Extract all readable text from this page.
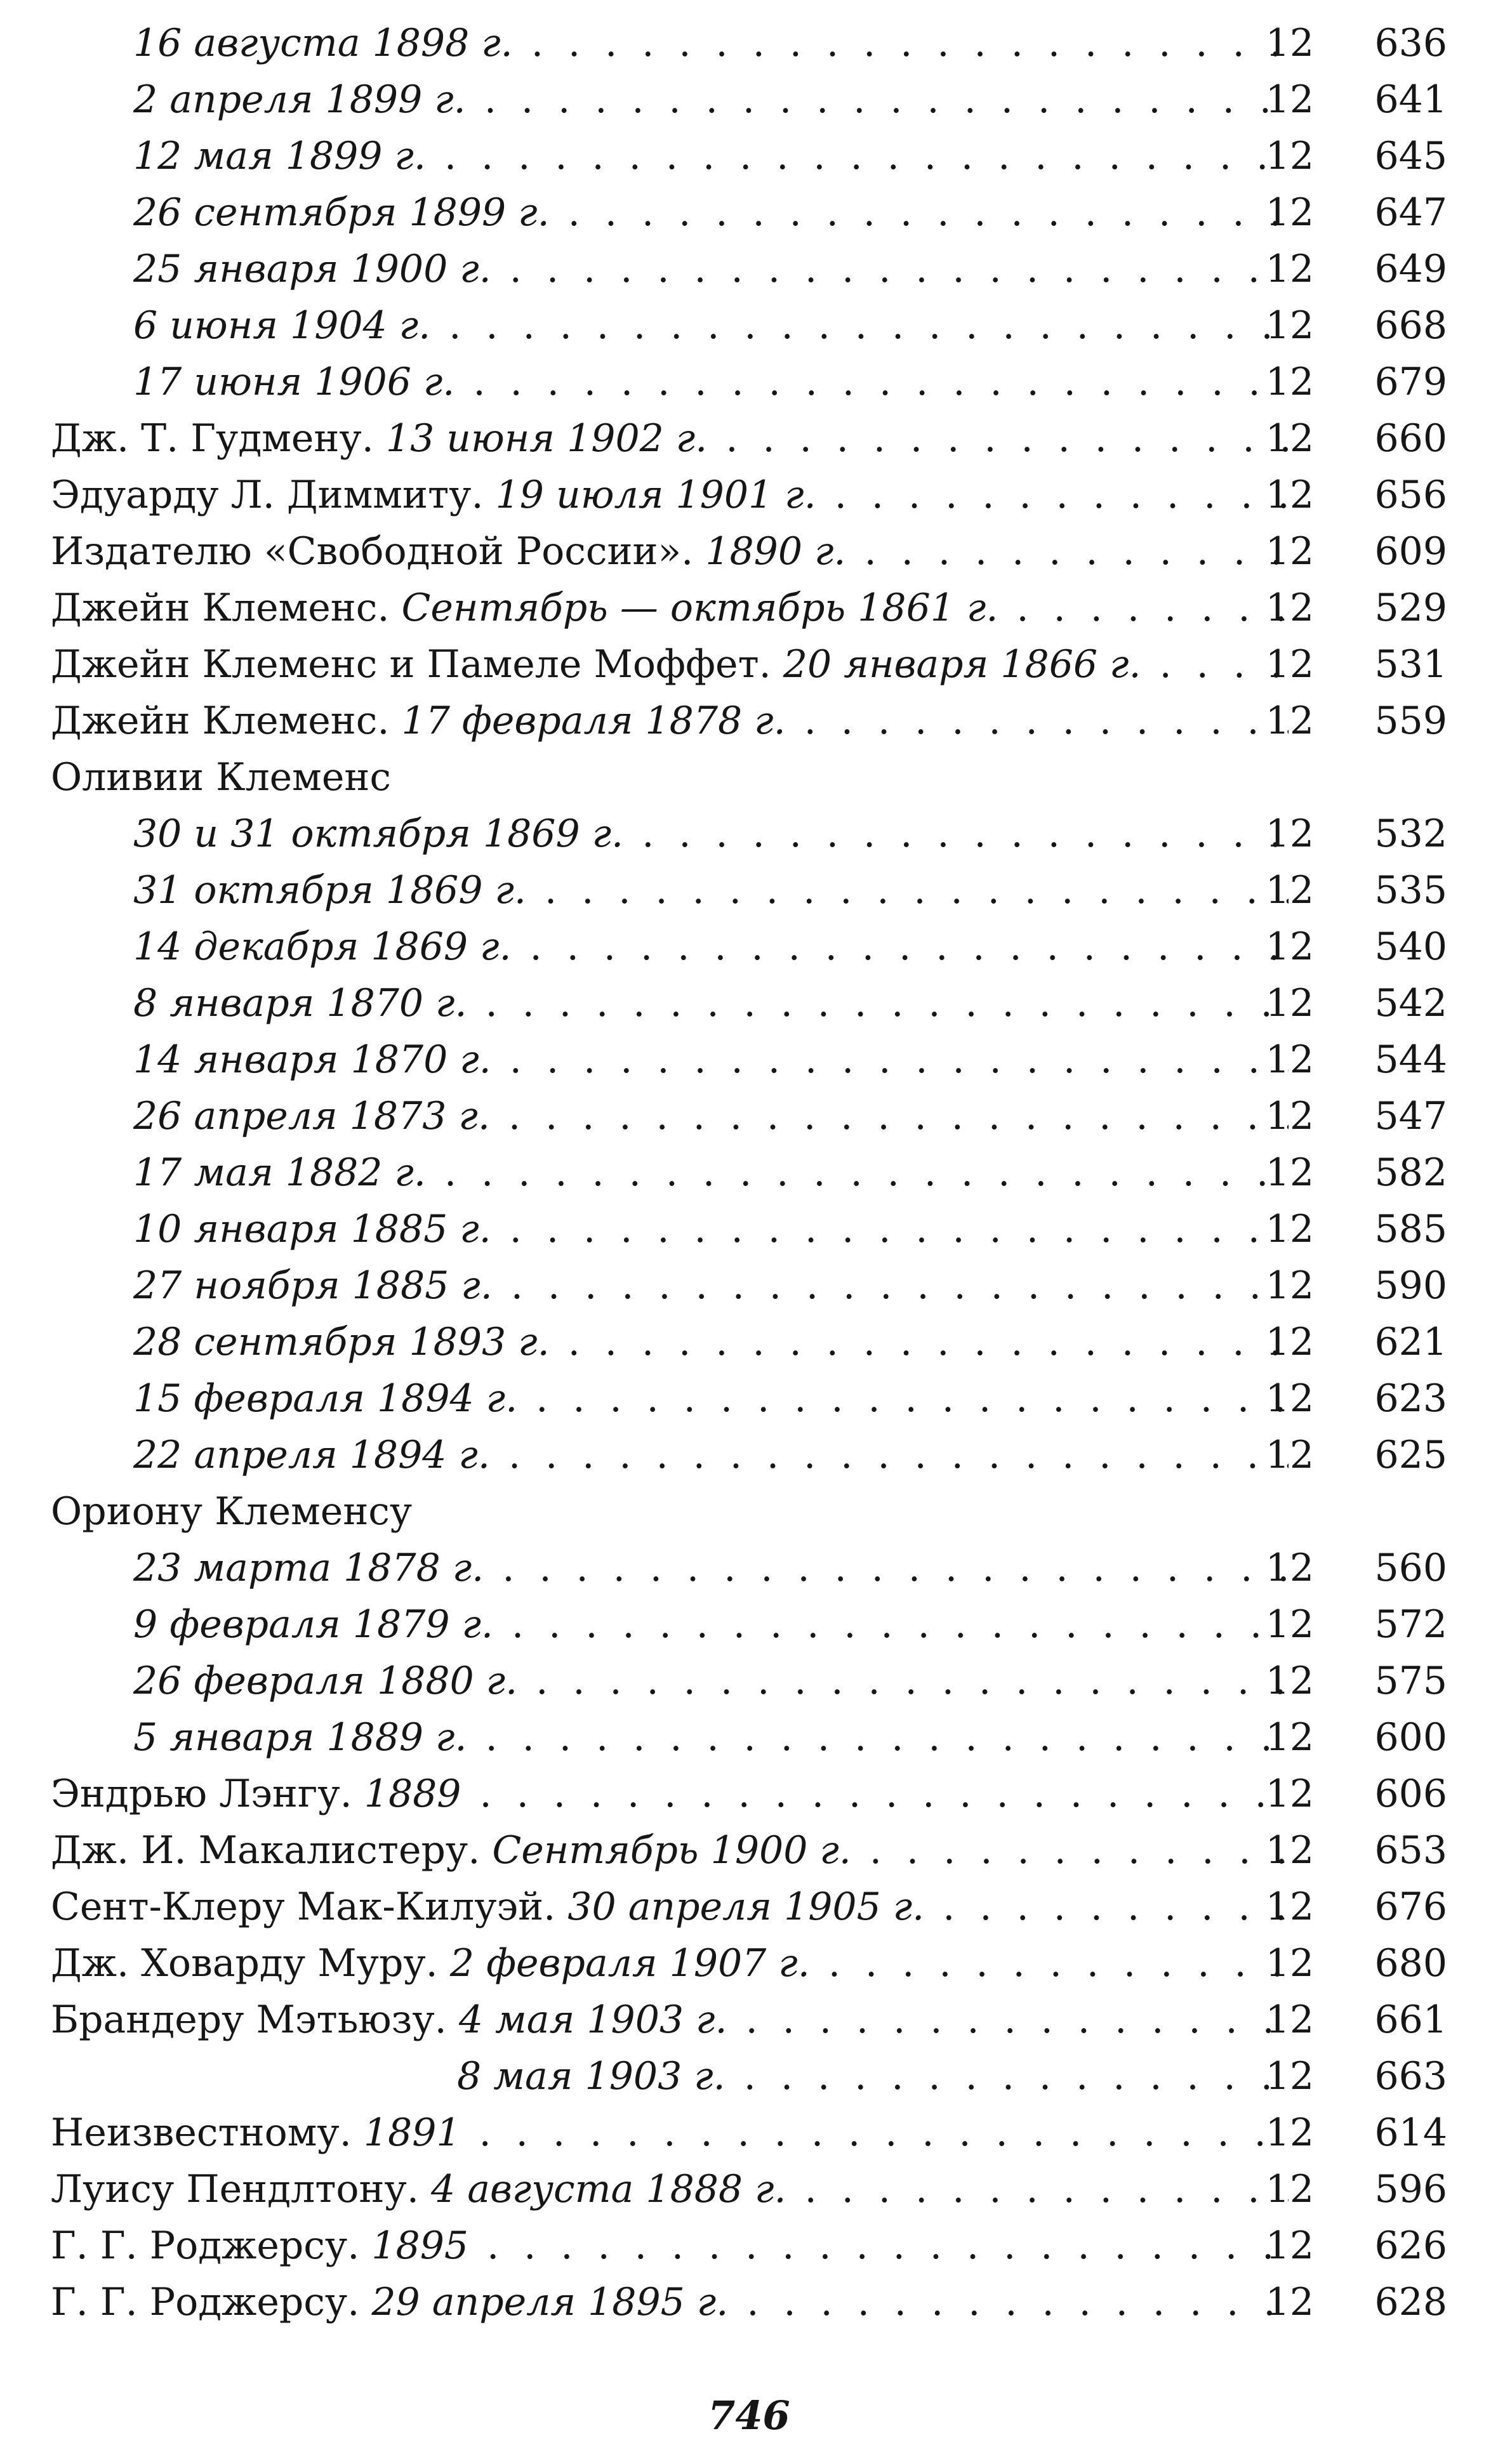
16 августа 1898 г. . . .	12	636
2 апреля 1899 г. . . .	12	641
12 мая 1899 г. . . .	12	645
26 сентября 1899 г. . . .	12	647
25 января 1900 г. . . .	12	649
6 июня 1904 г. . . .	12	668
17 июня 1906 г. . . .	12	679
Дж. Т. Гудмену. 13 июня 1902 г. . . .	12	660
Эдуарду Л. Диммиту. 19 июля 1901 г. . . .	12	656
Издателю «Свободной России». 1890 г. . . .	12	609
Джейн Клеменс. Сентябрь — октябрь 1861 г. . . .	12	529
Джейн Клеменс и Памеле Моффет. 20 января 1866 г. . . .	12	531
Джейн Клеменс. 17 февраля 1878 г. . . .	12	559
Оливии Клеменс
30 и 31 октября 1869 г. . . .	12	532
31 октября 1869 г. . . .	12	535
14 декабря 1869 г. . . .	12	540
8 января 1870 г. . . .	12	542
14 января 1870 г. . . .	12	544
26 апреля 1873 г. . . .	12	547
17 мая 1882 г. . . .	12	582
10 января 1885 г. . . .	12	585
27 ноября 1885 г. . . .	12	590
28 сентября 1893 г. . . .	12	621
15 февраля 1894 г. . . .	12	623
22 апреля 1894 г. . . .	12	625
Ориону Клеменсу
23 марта 1878 г. . . .	12	560
9 февраля 1879 г. . . .	12	572
26 февраля 1880 г. . . .	12	575
5 января 1889 г. . . .	12	600
Эндрью Лэнгу. 1889 . . .	12	606
Дж. И. Макалистеру. Сентябрь 1900 г. . . .	12	653
Сент-Клеру Мак-Килуэй. 30 апреля 1905 г. . . .	12	676
Дж. Ховарду Муру. 2 февраля 1907 г. . . .	12	680
Брандеру Мэтьюзу. 4 мая 1903 г. . . .	12	661
8 мая 1903 г. . . .	12	663
Неизвестному. 1891 . . .	12	614
Луису Пендлтону. 4 августа 1888 г. . . .	12	596
Г. Г. Роджерсу. 1895 . . .	12	626
Г. Г. Роджерсу. 29 апреля 1895 г. . . .	12	628
746
